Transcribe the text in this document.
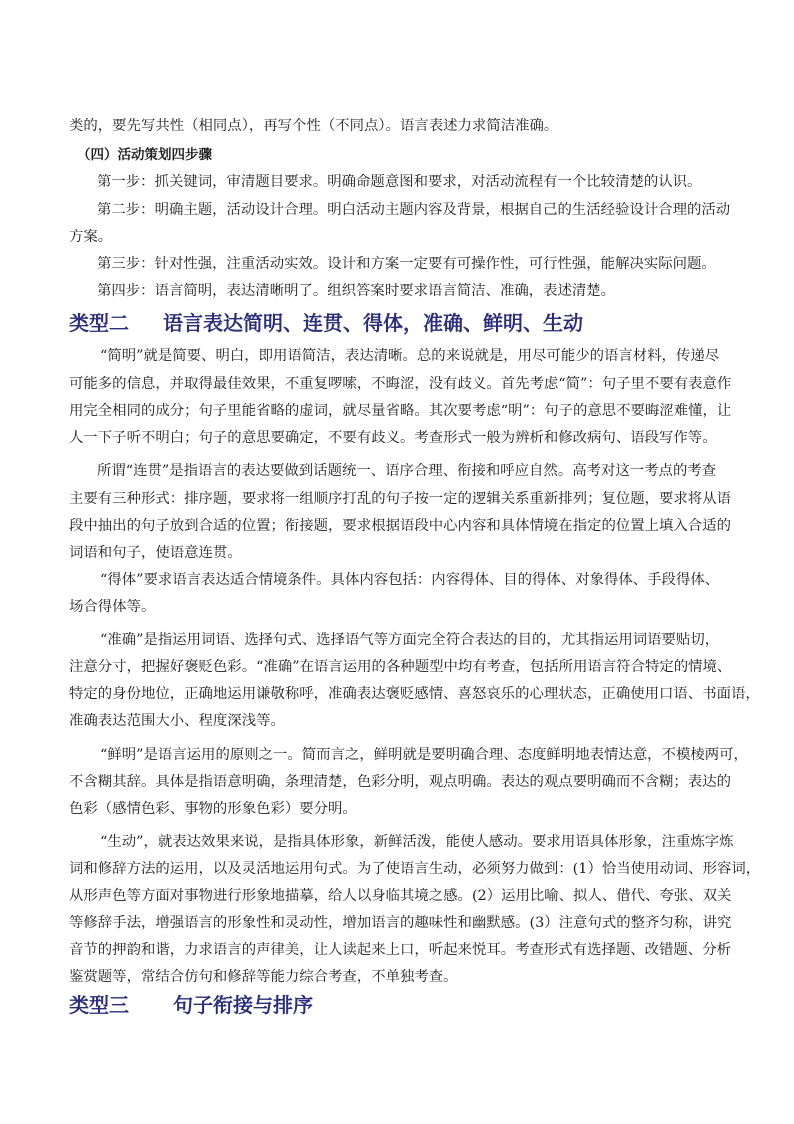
类的，要先写共性（相同点），再写个性（不同点）。语言表述力求简洁准确。
（四）活动策划四步骤
第一步：抓关键词，审清题目要求。明确命题意图和要求，对活动流程有一个比较清楚的认识。
第二步：明确主题，活动设计合理。明白活动主题内容及背景，根据自己的生活经验设计合理的活动
方案。
第三步：针对性强，注重活动实效。设计和方案一定要有可操作性，可行性强，能解决实际问题。
第四步：语言简明，表达清晰明了。组织答案时要求语言简洁、准确，表述清楚。
类型二 语言表达简明、连贯、得体，准确、鲜明、生动
“简明”就是简要、明白，即用语简洁，表达清晰。总的来说就是，用尽可能少的语言材料，传递尽
可能多的信息，并取得最佳效果，不重复啰嗦，不晦涩，没有歧义。首先考虑“简”：句子里不要有表意作
用完全相同的成分；句子里能省略的虚词，就尽量省略。其次要考虑“明”：句子的意思不要晦涩难懂，让
人一下子听不明白；句子的意思要确定，不要有歧义。考查形式一般为辨析和修改病句、语段写作等。
所谓“连贯”是指语言的表达要做到话题统一、语序合理、衔接和呼应自然。高考对这一考点的考查
主要有三种形式：排序题，要求将一组顺序打乱的句子按一定的逻辑关系重新排列；复位题，要求将从语
段中抽出的句子放到合适的位置；衔接题，要求根据语段中心内容和具体情境在指定的位置上填入合适的
词语和句子，使语意连贯。
“得体”要求语言表达适合情境条件。具体内容包括：内容得体、目的得体、对象得体、手段得体、
场合得体等。
“准确”是指运用词语、选择句式、选择语气等方面完全符合表达的目的，尤其指运用词语要贴切，
注意分寸，把握好褒贬色彩。“准确”在语言运用的各种题型中均有考查，包括所用语言符合特定的情境、
特定的身份地位，正确地运用谦敬称呼，准确表达褒贬感情、喜怒哀乐的心理状态，正确使用口语、书面语，
准确表达范围大小、程度深浅等。
“鲜明”是语言运用的原则之一。简而言之，鲜明就是要明确合理、态度鲜明地表情达意，不模棱两可，
不含糊其辞。具体是指语意明确，条理清楚，色彩分明，观点明确。表达的观点要明确而不含糊；表达的
色彩（感情色彩、事物的形象色彩）要分明。
“生动”，就表达效果来说，是指具体形象，新鲜活泼，能使人感动。要求用语具体形象，注重炼字炼
词和修辞方法的运用，以及灵活地运用句式。为了使语言生动，必须努力做到：(1）恰当使用动词、形容词，
从形声色等方面对事物进行形象地描摹，给人以身临其境之感。(2）运用比喻、拟人、借代、夸张、双关
等修辞手法，增强语言的形象性和灵动性，增加语言的趣味性和幽默感。(3）注意句式的整齐匀称，讲究
音节的押韵和谐，力求语言的声律美，让人读起来上口，听起来悦耳。考查形式有选择题、改错题、分析
鉴赏题等，常结合仿句和修辞等能力综合考查，不单独考查。
类型三 句子衔接与排序
